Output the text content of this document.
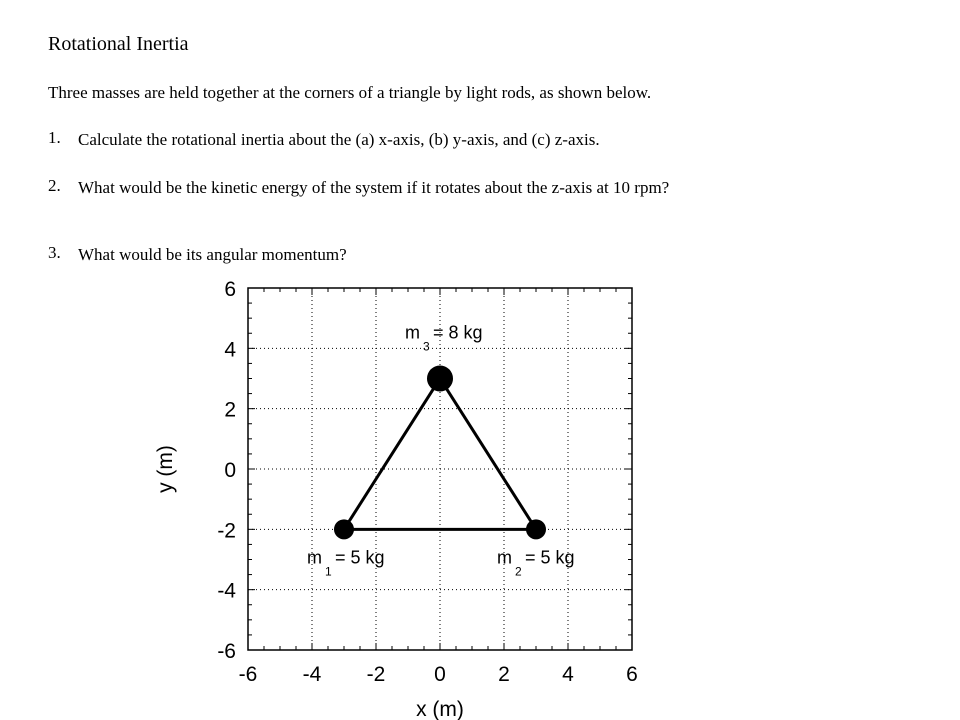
Rotational Inertia
Three masses are held together at the corners of a triangle by light rods, as shown below.
1. Calculate the rotational inertia about the (a) x-axis, (b) y-axis, and (c) z-axis.
2. What would be the kinetic energy of the system if it rotates about the z-axis at 10 rpm?
3. What would be its angular momentum?
-6 -4 -2 0 2 4 6
-6
-4
-2
0
2
4
6
x (m)
y (m)
m
1
= 5 kg	m
2
= 5 kg
m
3
= 8 kg
